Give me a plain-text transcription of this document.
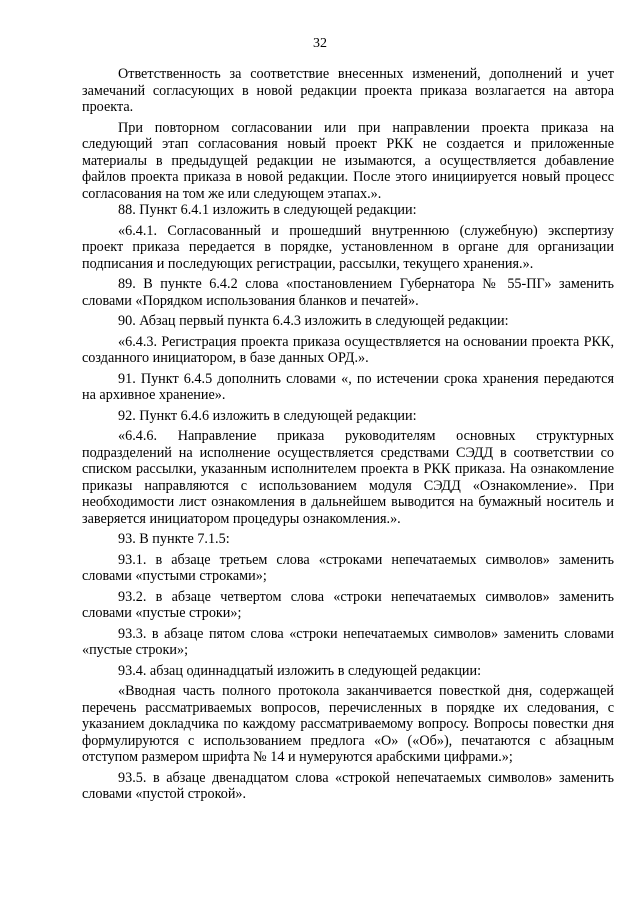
32

Ответственность за соответствие внесенных изменений, дополнений и учет замечаний согласующих в новой редакции проекта приказа возлагается на автора проекта.

При повторном согласовании или при направлении проекта приказа на следующий этап согласования новый проект РКК не создается и приложенные материалы в предыдущей редакции не изымаются, а осуществляется добавление файлов проекта приказа в новой редакции. После этого инициируется новый процесс согласования на том же или следующем этапах.».

88. Пункт 6.4.1 изложить в следующей редакции:

«6.4.1. Согласованный и прошедший внутреннюю (служебную) экспертизу проект приказа передается в порядке, установленном в органе для организации подписания и последующих регистрации, рассылки, текущего хранения.».

89. В пункте 6.4.2 слова «постановлением Губернатора № 55-ПГ» заменить словами «Порядком использования бланков и печатей».

90. Абзац первый пункта 6.4.3 изложить в следующей редакции:

«6.4.3. Регистрация проекта приказа осуществляется на основании проекта РКК, созданного инициатором, в базе данных ОРД.».

91. Пункт 6.4.5 дополнить словами «, по истечении срока хранения передаются на архивное хранение».

92. Пункт 6.4.6 изложить в следующей редакции:

«6.4.6. Направление приказа руководителям основных структурных подразделений на исполнение осуществляется средствами СЭДД в соответствии со списком рассылки, указанным исполнителем проекта в РКК приказа. На ознакомление приказы направляются с использованием модуля СЭДД «Ознакомление». При необходимости лист ознакомления в дальнейшем выводится на бумажный носитель и заверяется инициатором процедуры ознакомления.».

93. В пункте 7.1.5:

93.1. в абзаце третьем слова «строками непечатаемых символов» заменить словами «пустыми строками»;

93.2. в абзаце четвертом слова «строки непечатаемых символов» заменить словами «пустые строки»;

93.3. в абзаце пятом слова «строки непечатаемых символов» заменить словами «пустые строки»;

93.4. абзац одиннадцатый изложить в следующей редакции:

«Вводная часть полного протокола заканчивается повесткой дня, содержащей перечень рассматриваемых вопросов, перечисленных в порядке их следования, с указанием докладчика по каждому рассматриваемому вопросу. Вопросы повестки дня формулируются с использованием предлога «О» («Об»), печатаются с абзацным отступом размером шрифта № 14 и нумеруются арабскими цифрами.»;

93.5. в абзаце двенадцатом слова «строкой непечатаемых символов» заменить словами «пустой строкой».
